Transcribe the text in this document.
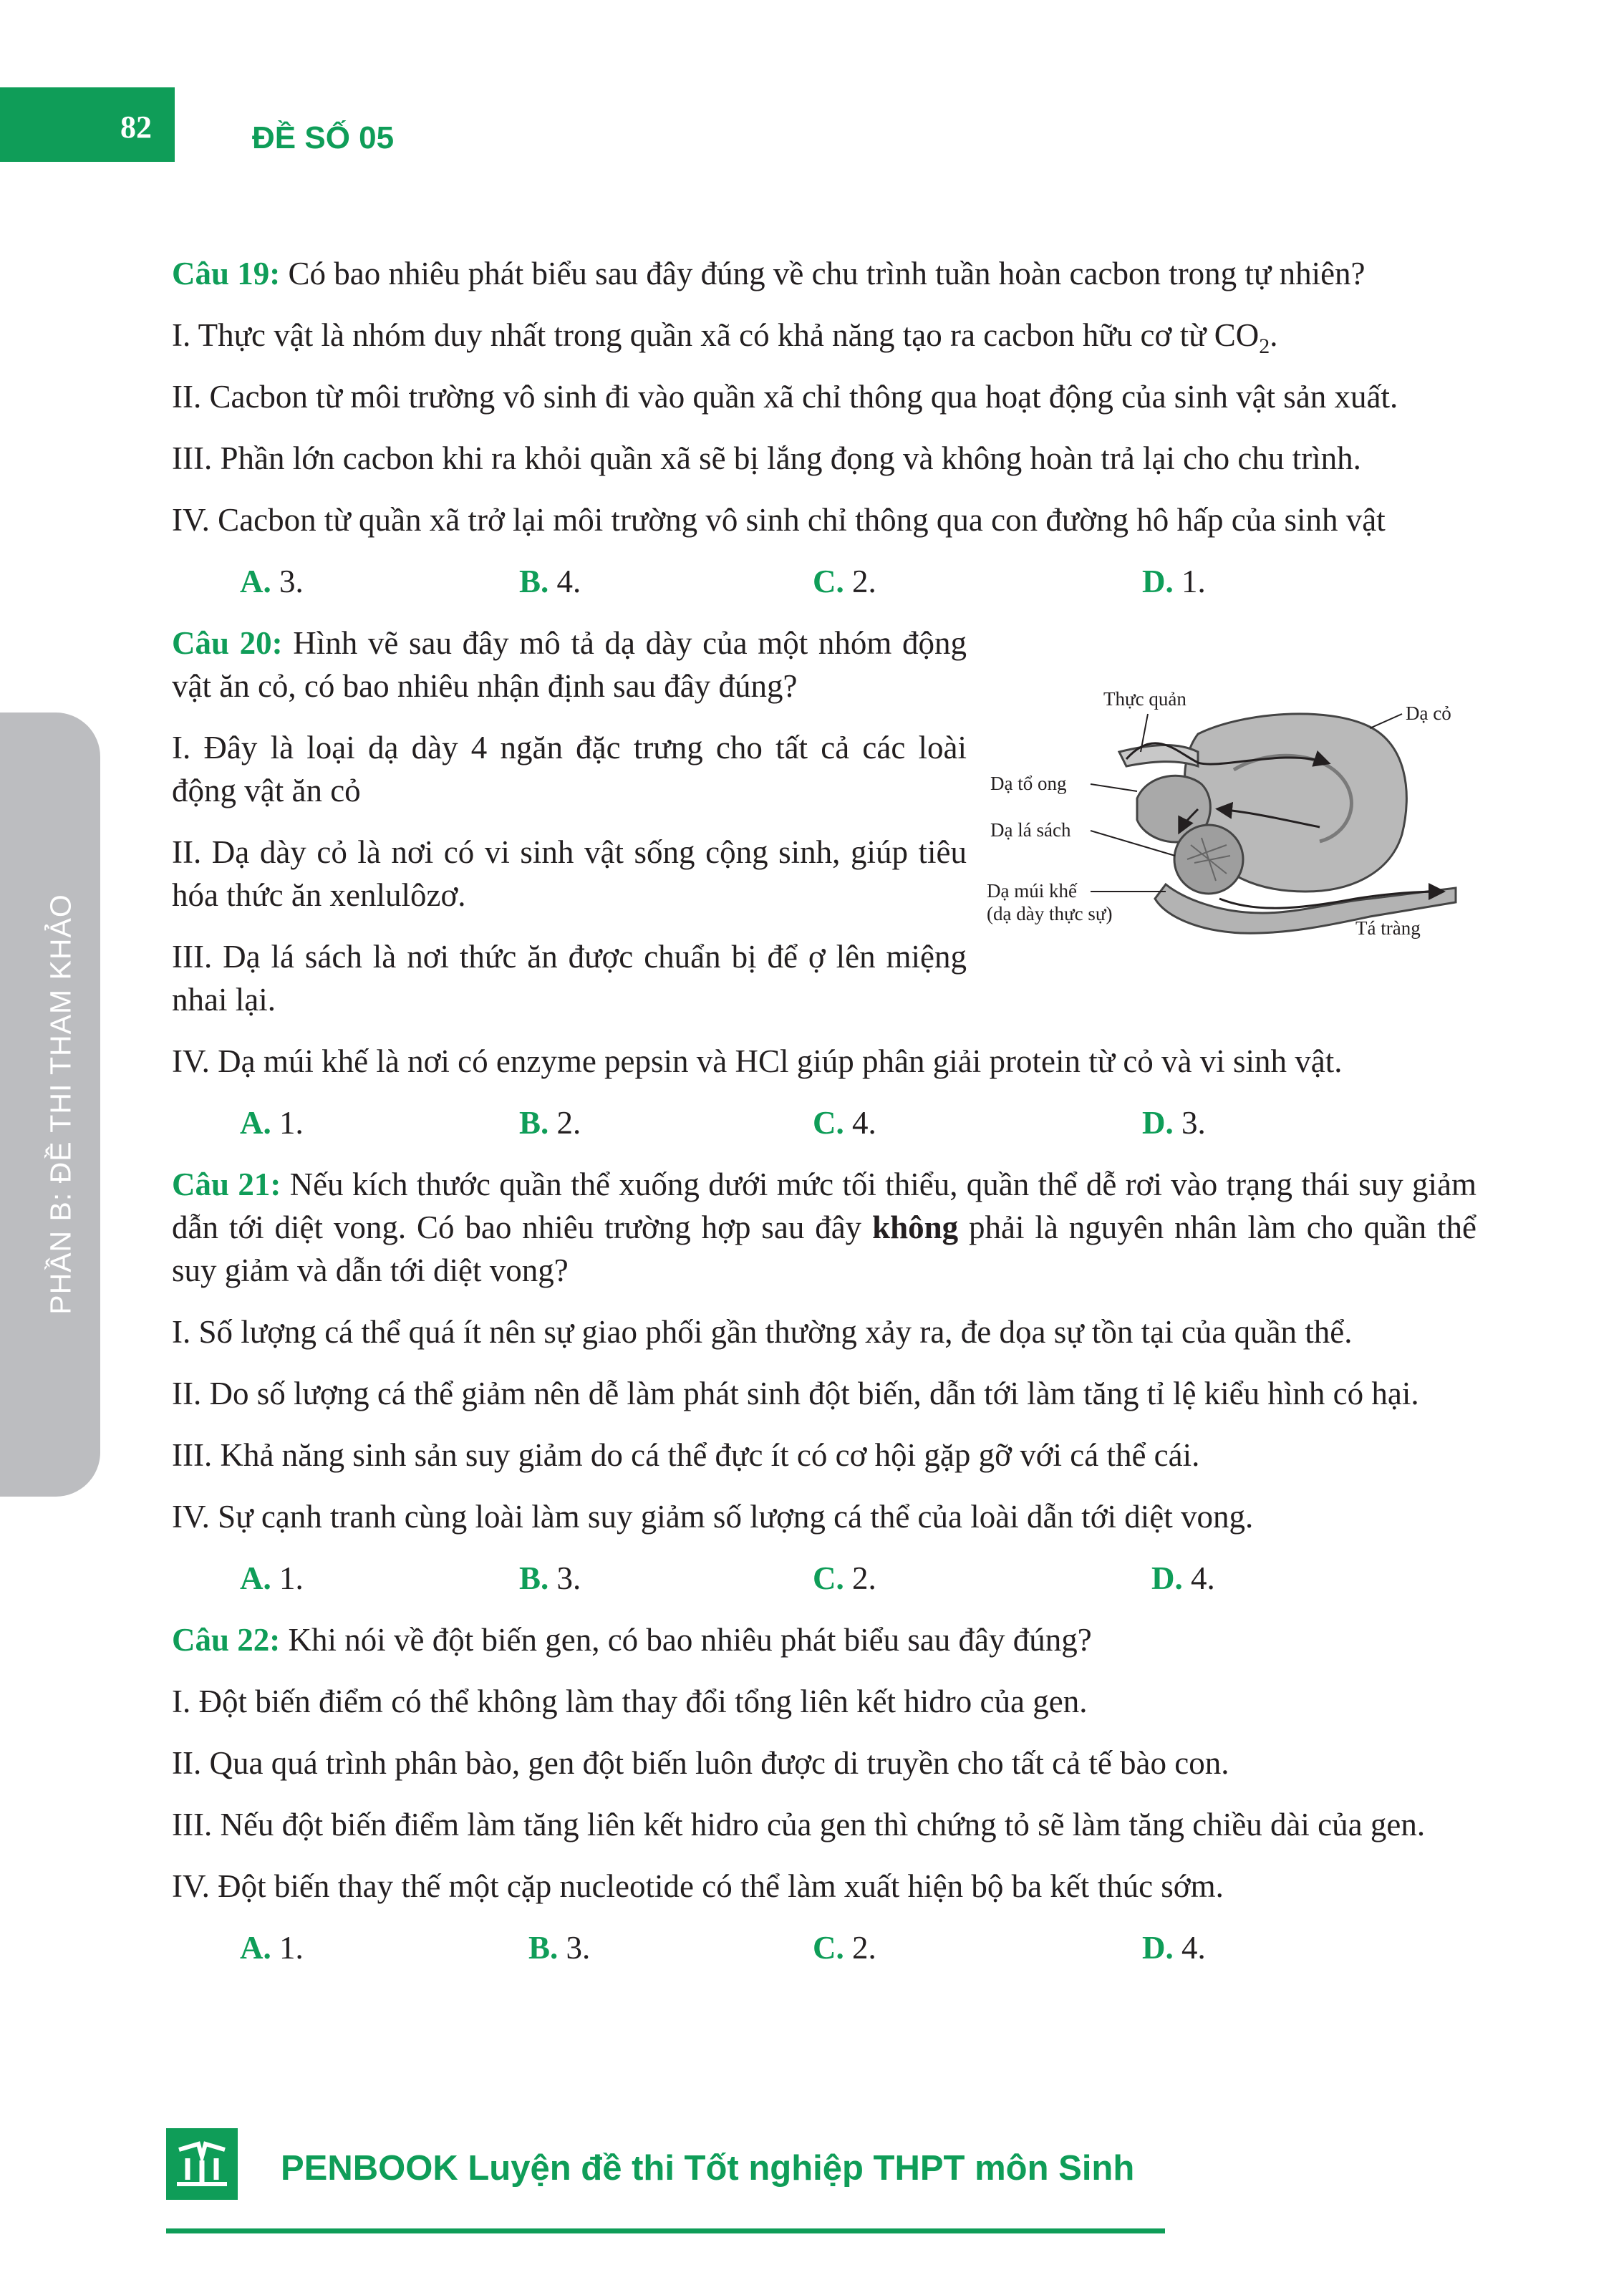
82	ĐỀ SỐ 05
PHẦN B: ĐỀ THI THAM KHẢO

Câu 19: Có bao nhiêu phát biểu sau đây đúng về chu trình tuần hoàn cacbon trong tự nhiên?

I. Thực vật là nhóm duy nhất trong quần xã có khả năng tạo ra cacbon hữu cơ từ $CO_2$.

II. Cacbon từ môi trường vô sinh đi vào quần xã chỉ thông qua hoạt động của sinh vật sản xuất.

III. Phần lớn cacbon khi ra khỏi quần xã sẽ bị lắng đọng và không hoàn trả lại cho chu trình.

IV. Cacbon từ quần xã trở lại môi trường vô sinh chỉ thông qua con đường hô hấp của sinh vật

A. 3.	B. 4.	C. 2.	D. 1.

Câu 20: Hình vẽ sau đây mô tả dạ dày của một nhóm động vật ăn cỏ, có bao nhiêu nhận định sau đây đúng?

I. Đây là loại dạ dày 4 ngăn đặc trưng cho tất cả các loài động vật ăn cỏ

II. Dạ dày cỏ là nơi có vi sinh vật sống cộng sinh, giúp tiêu hóa thức ăn xenlulôzơ.

III. Dạ lá sách là nơi thức ăn được chuẩn bị để ợ lên miệng nhai lại.

IV. Dạ múi khế là nơi có enzyme pepsin và HCl giúp phân giải protein từ cỏ và vi sinh vật.

A. 1.	B. 2.	C. 4.	D. 3.

Câu 21: Nếu kích thước quần thể xuống dưới mức tối thiểu, quần thể dễ rơi vào trạng thái suy giảm dẫn tới diệt vong. Có bao nhiêu trường hợp sau đây không phải là nguyên nhân làm cho quần thể suy giảm và dẫn tới diệt vong?

I. Số lượng cá thể quá ít nên sự giao phối gần thường xảy ra, đe dọa sự tồn tại của quần thể.

II. Do số lượng cá thể giảm nên dễ làm phát sinh đột biến, dẫn tới làm tăng tỉ lệ kiểu hình có hại.

III. Khả năng sinh sản suy giảm do cá thể đực ít có cơ hội gặp gỡ với cá thể cái.

IV. Sự cạnh tranh cùng loài làm suy giảm số lượng cá thể của loài dẫn tới diệt vong.

A. 1.	B. 3.	C. 2.	D. 4.

Câu 22: Khi nói về đột biến gen, có bao nhiêu phát biểu sau đây đúng?

I. Đột biến điểm có thể không làm thay đổi tổng liên kết hidro của gen.

II. Qua quá trình phân bào, gen đột biến luôn được di truyền cho tất cả tế bào con.

III. Nếu đột biến điểm làm tăng liên kết hidro của gen thì chứng tỏ sẽ làm tăng chiều dài của gen.

IV. Đột biến thay thế một cặp nucleotide có thể làm xuất hiện bộ ba kết thúc sớm.

A. 1.	B. 3.	C. 2.	D. 4.
Thực quản
Dạ cỏ
Dạ tổ ong
Dạ lá sách
Dạ múi khế
(dạ dày thực sự)
Tá tràng
PENBOOK Luyện đề thi Tốt nghiệp THPT môn Sinh
